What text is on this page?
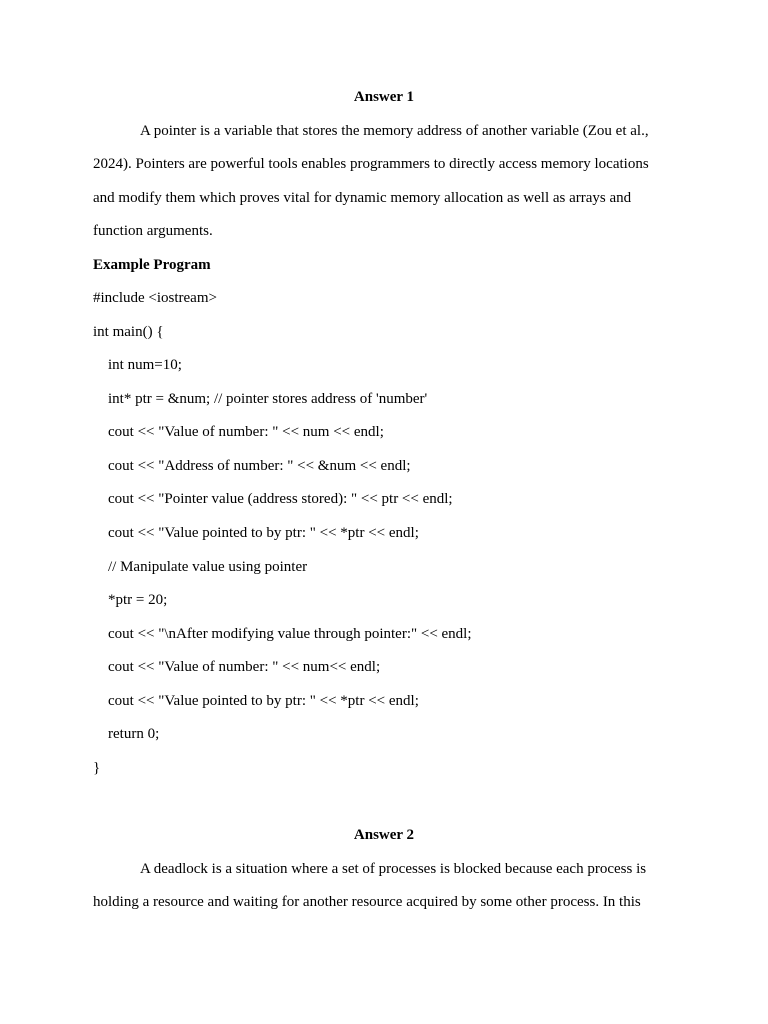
Answer 1
A pointer is a variable that stores the memory address of another variable (Zou et al.,
2024). Pointers are powerful tools enables programmers to directly access memory locations
and modify them which proves vital for dynamic memory allocation as well as arrays and
function arguments.
Example Program
#include <iostream>
int main() {
int num=10;
int* ptr = &num; // pointer stores address of 'number'
cout << "Value of number: " << num << endl;
cout << "Address of number: " << &num << endl;
cout << "Pointer value (address stored): " << ptr << endl;
cout << "Value pointed to by ptr: " << *ptr << endl;
// Manipulate value using pointer
*ptr = 20;
cout << "\nAfter modifying value through pointer:" << endl;
cout << "Value of number: " << num<< endl;
cout << "Value pointed to by ptr: " << *ptr << endl;
return 0;
}
Answer 2
A deadlock is a situation where a set of processes is blocked because each process is
holding a resource and waiting for another resource acquired by some other process. In this
